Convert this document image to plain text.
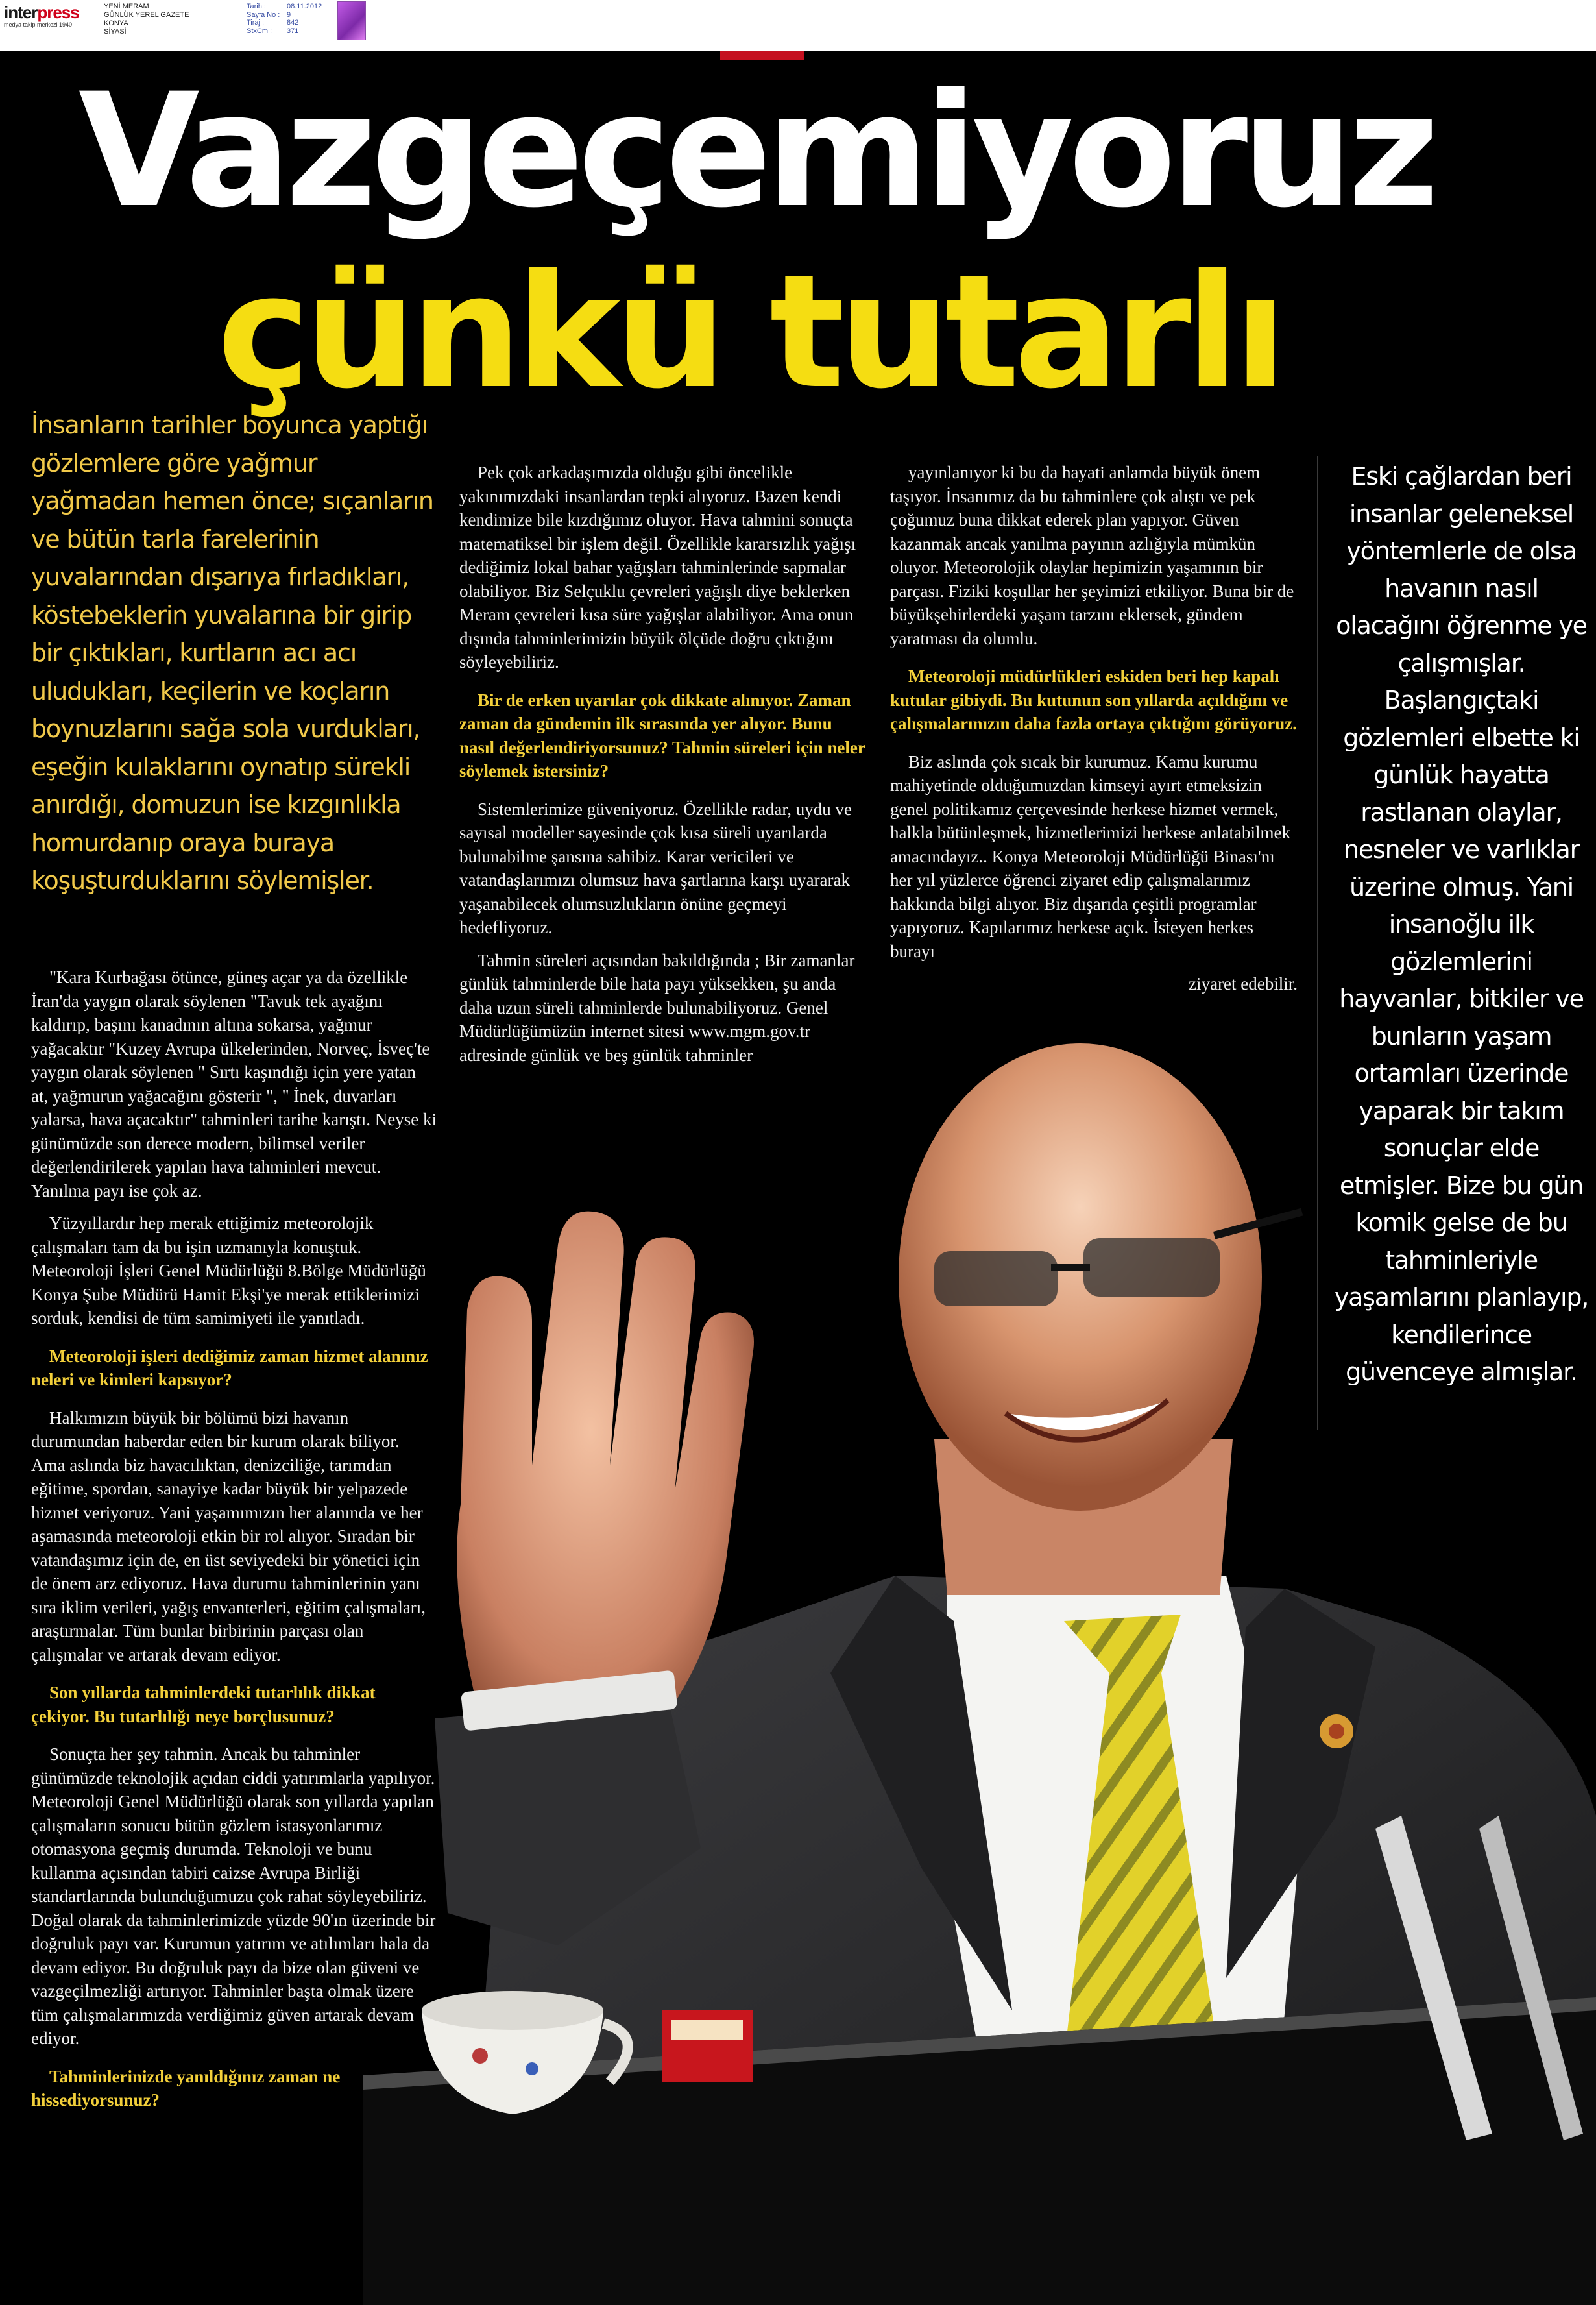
interpress
medya takip merkezi 1940
YENİ MERAM
GÜNLÜK YEREL GAZETE
KONYA
SİYASİ
Tarih :	08.11.2012
Sayfa No : 9
Tiraj :	842
StxCm :	371
Vazgeçemiyoruz
çünkü tutarlı

İnsanların tarihler boyunca yaptığı gözlemlere göre yağmur yağmadan hemen önce; sıçanların ve bütün tarla farelerinin yuvalarından dışarıya fırladıkları, köstebeklerin yuvalarına bir girip bir çıktıkları, kurtların acı acı uludukları, keçilerin ve koçların boynuzlarını sağa sola vurdukları, eşeğin kulaklarını oynatıp sürekli anırdığı, domuzun ise kızgınlıkla homurdanıp oraya buraya koşuşturduklarını söylemişler.

"Kara Kurbağası ötünce, güneş açar ya da özellikle İran'da yaygın olarak söylenen "Tavuk tek ayağını kaldırıp, başını kanadının altına sokarsa, yağmur yağacaktır "Kuzey Avrupa ülkelerinden, Norveç, İsveç'te yaygın olarak söylenen " Sırtı kaşındığı için yere yatan at, yağmurun yağacağını gösterir ", " İnek, duvarları yalarsa, hava açacaktır" tahminleri tarihe karıştı. Neyse ki günümüzde son derece modern, bilimsel veriler değerlendirilerek yapılan hava tahminleri mevcut. Yanılma payı ise çok az.

Yüzyıllardır hep merak ettiğimiz meteorolojik çalışmaları tam da bu işin uzmanıyla konuştuk. Meteoroloji İşleri Genel Müdürlüğü 8.Bölge Müdürlüğü Konya Şube Müdürü Hamit Ekşi'ye merak ettiklerimizi sorduk, kendisi de tüm samimiyeti ile yanıtladı.

Meteoroloji işleri dediğimiz zaman hizmet alanınız neleri ve kimleri kapsıyor?

Halkımızın büyük bir bölümü bizi havanın durumundan haberdar eden bir kurum olarak biliyor. Ama aslında biz havacılıktan, denizciliğe, tarımdan eğitime, spordan, sanayiye kadar büyük bir yelpazede hizmet veriyoruz. Yani yaşamımızın her alanında ve her aşamasında meteoroloji etkin bir rol alıyor. Sıradan bir vatandaşımız için de, en üst seviyedeki bir yönetici için de önem arz ediyoruz. Hava durumu tahminlerinin yanı sıra iklim verileri, yağış envanterleri, eğitim çalışmaları, araştırmalar. Tüm bunlar birbirinin parçası olan çalışmalar ve artarak devam ediyor.

Son yıllarda tahminlerdeki tutarlılık dikkat çekiyor. Bu tutarlılığı neye borçlusunuz?

Sonuçta her şey tahmin. Ancak bu tahminler günümüzde teknolojik açıdan ciddi yatırımlarla yapılıyor. Meteoroloji Genel Müdürlüğü olarak son yıllarda yapılan çalışmaların sonucu bütün gözlem istasyonlarımız otomasyona geçmiş durumda. Teknoloji ve bunu kullanma açısından tabiri caizse Avrupa Birliği standartlarında bulunduğumuzu çok rahat söyleyebiliriz. Doğal olarak da tahminlerimizde yüzde 90'ın üzerinde bir doğruluk payı var. Kurumun yatırım ve atılımları hala da devam ediyor. Bu doğruluk payı da bize olan güveni ve vazgeçilmezliği artırıyor. Tahminler başta olmak üzere tüm çalışmalarımızda verdiğimiz güven artarak devam ediyor.

Tahminlerinizde yanıldığınız zaman ne hissediyorsunuz?

Pek çok arkadaşımızda olduğu gibi öncelikle yakınımızdaki insanlardan tepki alıyoruz. Bazen kendi kendimize bile kızdığımız oluyor. Hava tahmini sonuçta matematiksel bir işlem değil. Özellikle kararsızlık yağışı dediğimiz lokal bahar yağışları tahminlerinde sapmalar olabiliyor. Biz Selçuklu çevreleri yağışlı diye beklerken Meram çevreleri kısa süre yağışlar alabiliyor. Ama onun dışında tahminlerimizin büyük ölçüde doğru çıktığını söyleyebiliriz.

Bir de erken uyarılar çok dikkate alınıyor. Zaman zaman da gündemin ilk sırasında yer alıyor. Bunu nasıl değerlendiriyorsunuz? Tahmin süreleri için neler söylemek istersiniz?

Sistemlerimize güveniyoruz. Özellikle radar, uydu ve sayısal modeller sayesinde çok kısa süreli uyarılarda bulunabilme şansına sahibiz. Karar vericileri ve vatandaşlarımızı olumsuz hava şartlarına karşı uyararak yaşanabilecek olumsuzlukların önüne geçmeyi hedefliyoruz.

Tahmin süreleri açısından bakıldığında ; Bir zamanlar günlük tahminlerde bile hata payı yüksekken, şu anda daha uzun süreli tahminlerde bulunabiliyoruz. Genel Müdürlüğümüzün internet sitesi www.mgm.gov.tr adresinde günlük ve beş günlük tahminler

yayınlanıyor ki bu da hayati anlamda büyük önem taşıyor. İnsanımız da bu tahminlere çok alıştı ve pek çoğumuz buna dikkat ederek plan yapıyor. Güven kazanmak ancak yanılma payının azlığıyla mümkün oluyor. Meteorolojik olaylar hepimizin yaşamının bir parçası. Fiziki koşullar her şeyimizi etkiliyor. Buna bir de büyükşehirlerdeki yaşam tarzını eklersek, gündem yaratması da olumlu.

Meteoroloji müdürlükleri eskiden beri hep kapalı kutular gibiydi. Bu kutunun son yıllarda açıldığını ve çalışmalarınızın daha fazla ortaya çıktığını görüyoruz.

Biz aslında çok sıcak bir kurumuz. Kamu kurumu mahiyetinde olduğumuzdan kimseyi ayırt etmeksizin genel politikamız çerçevesinde herkese hizmet vermek, halkla bütünleşmek, hizmetlerimizi herkese anlatabilmek amacındayız.. Konya Meteoroloji Müdürlüğü Binası'nı her yıl yüzlerce öğrenci ziyaret edip çalışmalarımız hakkında bilgi alıyor. Biz dışarıda çeşitli programlar yapıyoruz. Kapılarımız herkese açık. İsteyen herkes burayı

ziyaret edebilir.

Eski çağlardan beri insanlar geleneksel yöntemlerle de olsa havanın nasıl olacağını öğrenme ye çalışmışlar. Başlangıçtaki gözlemleri elbette ki günlük hayatta rastlanan olaylar, nesneler ve varlıklar üzerine olmuş. Yani insanoğlu ilk gözlemlerini hayvanlar, bitkiler ve bunların yaşam ortamları üzerinde yaparak bir takım sonuçlar elde etmişler. Bize bu gün komik gelse de bu tahminleriyle yaşamlarını planlayıp, kendilerince güvenceye almışlar.
